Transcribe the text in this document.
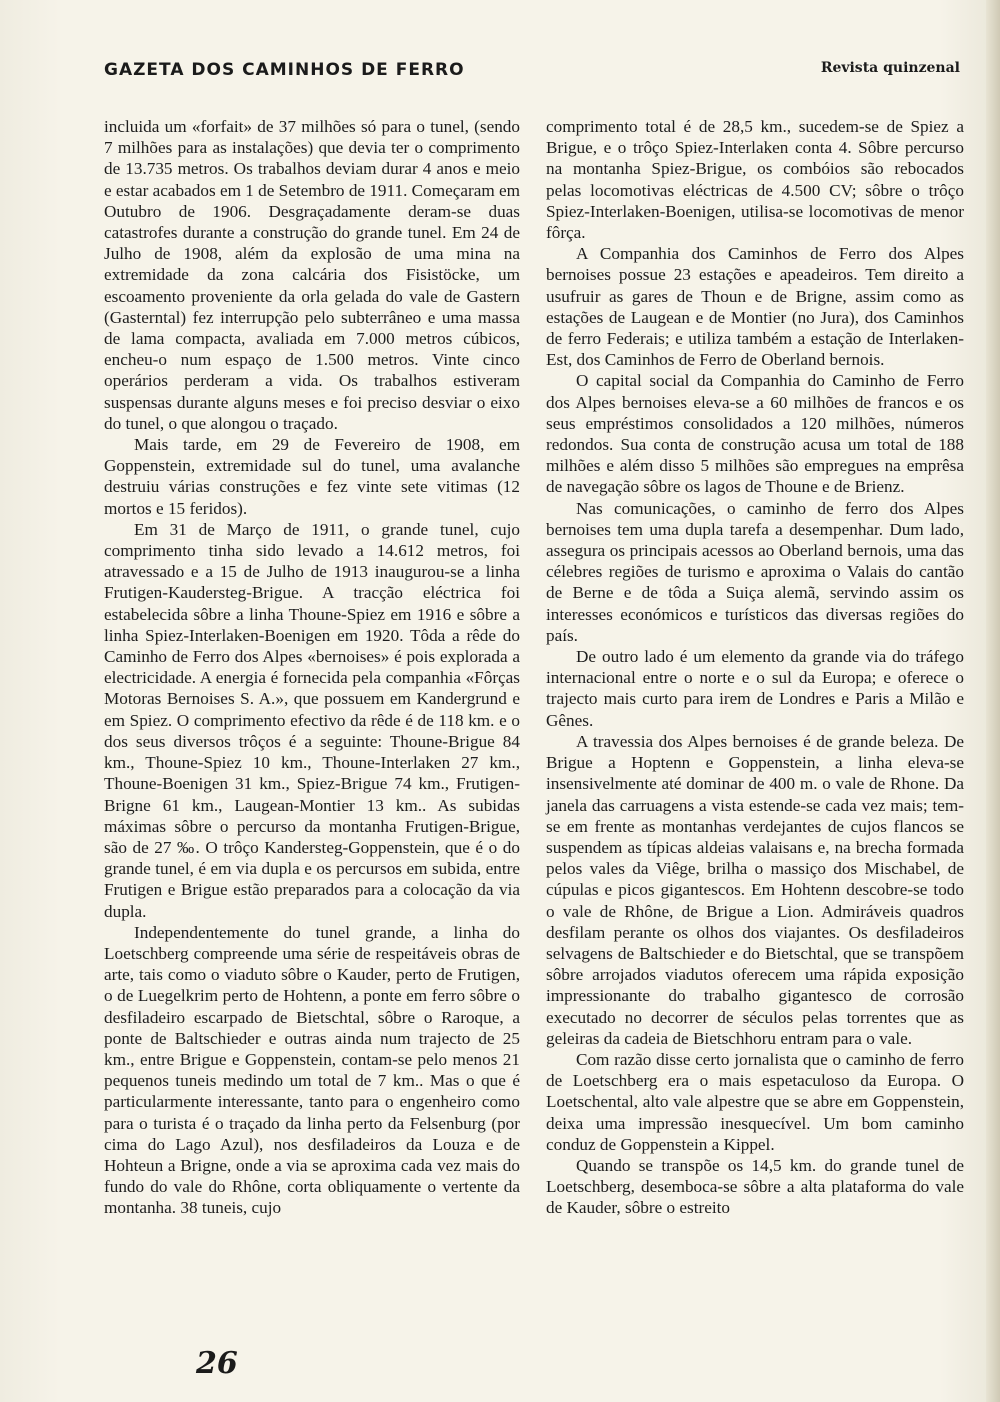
GAZETA DOS CAMINHOS DE FERRO	Revista quinzenal

incluida um «forfait» de 37 milhões só para o tunel, (sendo 7 milhões para as instalações) que devia ter o comprimento de 13.735 metros. Os trabalhos deviam durar 4 anos e meio e estar acabados em 1 de Setembro de 1911. Começaram em Outubro de 1906. Desgraçadamente deram-se duas catastrofes durante a construção do grande tunel. Em 24 de Julho de 1908, além da explosão de uma mina na extremidade da zona calcária dos Fisistöcke, um escoamento proveniente da orla gelada do vale de Gastern (Gasterntal) fez interrupção pelo subterrâneo e uma massa de lama compacta, avaliada em 7.000 metros cúbicos, encheu-o num espaço de 1.500 metros. Vinte cinco operários perderam a vida. Os trabalhos estiveram suspensas durante alguns meses e foi preciso desviar o eixo do tunel, o que alongou o traçado.

Mais tarde, em 29 de Fevereiro de 1908, em Goppenstein, extremidade sul do tunel, uma avalanche destruiu várias construções e fez vinte sete vitimas (12 mortos e 15 feridos).

Em 31 de Março de 1911, o grande tunel, cujo comprimento tinha sido levado a 14.612 metros, foi atravessado e a 15 de Julho de 1913 inaugurou-se a linha Frutigen-Kaudersteg-Brigue. A tracção eléctrica foi estabelecida sôbre a linha Thoune-Spiez em 1916 e sôbre a linha Spiez-Interlaken-Boenigen em 1920. Tôda a rêde do Caminho de Ferro dos Alpes «bernoises» é pois explorada a electricidade. A energia é fornecida pela companhia «Fôrças Motoras Bernoises S. A.», que possuem em Kandergrund e em Spiez. O comprimento efectivo da rêde é de 118 km. e o dos seus diversos trôços é a seguinte: Thoune-Brigue 84 km., Thoune-Spiez 10 km., Thoune-Interlaken 27 km., Thoune-Boenigen 31 km., Spiez-Brigue 74 km., Frutigen-Brigne 61 km., Laugean-Montier 13 km.. As subidas máximas sôbre o percurso da montanha Frutigen-Brigue, são de 27 ‰. O trôço Kandersteg-Goppenstein, que é o do grande tunel, é em via dupla e os percursos em subida, entre Frutigen e Brigue estão preparados para a colocação da via dupla.

Independentemente do tunel grande, a linha do Loetschberg compreende uma série de respeitáveis obras de arte, tais como o viaduto sôbre o Kauder, perto de Frutigen, o de Luegelkrim perto de Hohtenn, a ponte em ferro sôbre o desfiladeiro escarpado de Bietschtal, sôbre o Raroque, a ponte de Baltschieder e outras ainda num trajecto de 25 km., entre Brigue e Goppenstein, contam-se pelo menos 21 pequenos tuneis medindo um total de 7 km.. Mas o que é particularmente interessante, tanto para o engenheiro como para o turista é o traçado da linha perto da Felsenburg (por cima do Lago Azul), nos desfiladeiros da Louza e de Hohteun a Brignе, onde a via se aproxima cada vez mais do fundo do vale do Rhône, corta obliquamente o vertente da montanha. 38 tuneis, cujo

comprimento total é de 28,5 km., sucedem-se de Spiez a Brigue, e o trôço Spiez-Interlaken conta 4. Sôbre percurso na montanha Spiez-Brigue, os combóios são rebocados pelas locomotivas eléctricas de 4.500 CV; sôbre o trôço Spiez-Interlaken-Boenigen, utilisa-se locomotivas de menor fôrça.

A Companhia dos Caminhos de Ferro dos Alpes bernoises possue 23 estações e apeadeiros. Tem direito a usufruir as gares de Thoun e de Brigne, assim como as estações de Laugean e de Montier (no Jura), dos Caminhos de ferro Federais; e utiliza também a estação de Interlaken-Est, dos Caminhos de Ferro de Oberland bernois.

O capital social da Companhia do Caminho de Ferro dos Alpes bernoises eleva-se a 60 milhões de francos e os seus empréstimos consolidados a 120 milhões, números redondos. Sua conta de construção acusa um total de 188 milhões e além disso 5 milhões são empregues na emprêsa de navegação sôbre os lagos de Thoune e de Brienz.

Nas comunicações, o caminho de ferro dos Alpes bernoises tem uma dupla tarefa a desempenhar. Dum lado, assegura os principais acessos ao Oberland bernois, uma das célebres regiões de turismo e aproxima o Valais do cantão de Berne e de tôda a Suiça alemã, servindo assim os interesses económicos e turísticos das diversas regiões do país.

De outro lado é um elemento da grande via do tráfego internacional entre o norte e o sul da Europa; e oferece o trajecto mais curto para irem de Londres e Paris a Milão e Gênes.

A travessia dos Alpes bernoises é de grande beleza. De Brigue a Hoptenn e Goppenstein, a linha eleva-se insensivelmente até dominar de 400 m. o vale de Rhone. Da janela das carruagens a vista estende-se cada vez mais; tem-se em frente as montanhas verdejantes de cujos flancos se suspendem as típicas aldeias valaisans e, na brecha formada pelos vales da Viêge, brilha o massiço dos Mischabel, de cúpulas e picos gigantescos. Em Hohtenn descobre-se todo o vale de Rhône, de Brigue a Lion. Admiráveis quadros desfilam perante os olhos dos viajantes. Os desfiladeiros selvagens de Baltschieder e do Bietschtal, que se transpõem sôbre arrojados viadutos oferecem uma rápida exposição impressionante do trabalho gigantesco de corrosão executado no decorrer de séculos pelas torrentes que as geleiras da cadeia de Bietschhoru entram para o vale.

Com razão disse certo jornalista que o caminho de ferro de Loetschberg era o mais espetaculoso da Europa. O Loetschental, alto vale alpestre que se abre em Goppenstein, deixa uma impressão inesquecível. Um bom caminho conduz de Goppenstein a Kippel.

Quando se transpõe os 14,5 km. do grande tunel de Loetschberg, desemboca-se sôbre a alta plataforma do vale de Kauder, sôbre o estreito

26
